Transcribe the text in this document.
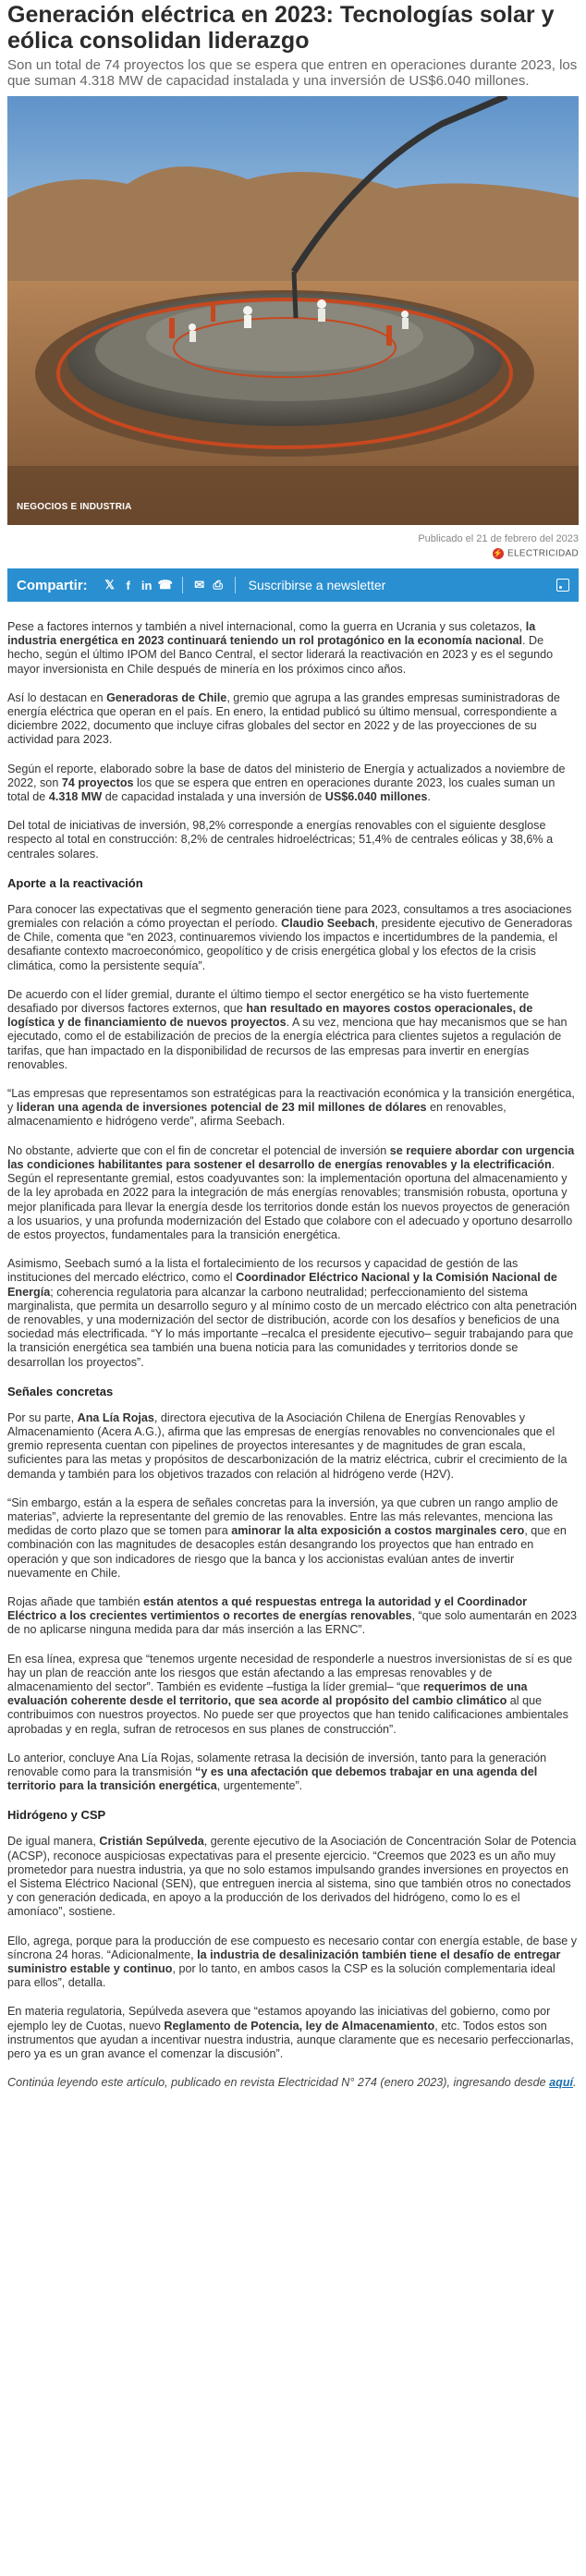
Generación eléctrica en 2023: Tecnologías solar y eólica consolidan liderazgo

Son un total de 74 proyectos los que se espera que entren en operaciones durante 2023, los que suman 4.318 MW de capacidad instalada y una inversión de US$6.040 millones.

NEGOCIOS E INDUSTRIA
Publicado el 21 de febrero del 2023
⚡ ELECTRICIDAD
Compartir:	𝕏 f in ☎	✉ ⎙	Suscribirse a newsletter

Pese a factores internos y también a nivel internacional, como la guerra en Ucrania y sus coletazos, la industria energética en 2023 continuará teniendo un rol protagónico en la economía nacional. De hecho, según el último IPOM del Banco Central, el sector liderará la reactivación en 2023 y es el segundo mayor inversionista en Chile después de minería en los próximos cinco años.

Así lo destacan en Generadoras de Chile, gremio que agrupa a las grandes empresas suministradoras de energía eléctrica que operan en el país. En enero, la entidad publicó su último mensual, correspondiente a diciembre 2022, documento que incluye cifras globales del sector en 2022 y de las proyecciones de su actividad para 2023.

Según el reporte, elaborado sobre la base de datos del ministerio de Energía y actualizados a noviembre de 2022, son 74 proyectos los que se espera que entren en operaciones durante 2023, los cuales suman un total de 4.318 MW de capacidad instalada y una inversión de US$6.040 millones.

Del total de iniciativas de inversión, 98,2% corresponde a energías renovables con el siguiente desglose respecto al total en construcción: 8,2% de centrales hidroeléctricas; 51,4% de centrales eólicas y 38,6% a centrales solares.

Aporte a la reactivación

Para conocer las expectativas que el segmento generación tiene para 2023, consultamos a tres asociaciones gremiales con relación a cómo proyectan el período. Claudio Seebach, presidente ejecutivo de Generadoras de Chile, comenta que “en 2023, continuaremos viviendo los impactos e incertidumbres de la pandemia, el desafiante contexto macroeconómico, geopolítico y de crisis energética global y los efectos de la crisis climática, como la persistente sequía”.

De acuerdo con el líder gremial, durante el último tiempo el sector energético se ha visto fuertemente desafiado por diversos factores externos, que han resultado en mayores costos operacionales, de logística y de financiamiento de nuevos proyectos. A su vez, menciona que hay mecanismos que se han ejecutado, como el de estabilización de precios de la energía eléctrica para clientes sujetos a regulación de tarifas, que han impactado en la disponibilidad de recursos de las empresas para invertir en energías renovables.

“Las empresas que representamos son estratégicas para la reactivación económica y la transición energética, y lideran una agenda de inversiones potencial de 23 mil millones de dólares en renovables, almacenamiento e hidrógeno verde”, afirma Seebach.

No obstante, advierte que con el fin de concretar el potencial de inversión se requiere abordar con urgencia las condiciones habilitantes para sostener el desarrollo de energías renovables y la electrificación. Según el representante gremial, estos coadyuvantes son: la implementación oportuna del almacenamiento y de la ley aprobada en 2022 para la integración de más energías renovables; transmisión robusta, oportuna y mejor planificada para llevar la energía desde los territorios donde están los nuevos proyectos de generación a los usuarios, y una profunda modernización del Estado que colabore con el adecuado y oportuno desarrollo de estos proyectos, fundamentales para la transición energética.

Asimismo, Seebach sumó a la lista el fortalecimiento de los recursos y capacidad de gestión de las instituciones del mercado eléctrico, como el Coordinador Eléctrico Nacional y la Comisión Nacional de Energía; coherencia regulatoria para alcanzar la carbono neutralidad; perfeccionamiento del sistema marginalista, que permita un desarrollo seguro y al mínimo costo de un mercado eléctrico con alta penetración de renovables, y una modernización del sector de distribución, acorde con los desafíos y beneficios de una sociedad más electrificada. “Y lo más importante –recalca el presidente ejecutivo– seguir trabajando para que la transición energética sea también una buena noticia para las comunidades y territorios donde se desarrollan los proyectos”.

Señales concretas

Por su parte, Ana Lía Rojas, directora ejecutiva de la Asociación Chilena de Energías Renovables y Almacenamiento (Acera A.G.), afirma que las empresas de energías renovables no convencionales que el gremio representa cuentan con pipelines de proyectos interesantes y de magnitudes de gran escala, suficientes para las metas y propósitos de descarbonización de la matriz eléctrica, cubrir el crecimiento de la demanda y también para los objetivos trazados con relación al hidrógeno verde (H2V).

“Sin embargo, están a la espera de señales concretas para la inversión, ya que cubren un rango amplio de materias”, advierte la representante del gremio de las renovables. Entre las más relevantes, menciona las medidas de corto plazo que se tomen para aminorar la alta exposición a costos marginales cero, que en combinación con las magnitudes de desacoples están desangrando los proyectos que han entrado en operación y que son indicadores de riesgo que la banca y los accionistas evalúan antes de invertir nuevamente en Chile.

Rojas añade que también están atentos a qué respuestas entrega la autoridad y el Coordinador Eléctrico a los crecientes vertimientos o recortes de energías renovables, “que solo aumentarán en 2023 de no aplicarse ninguna medida para dar más inserción a las ERNC”.

En esa línea, expresa que “tenemos urgente necesidad de responderle a nuestros inversionistas de sí es que hay un plan de reacción ante los riesgos que están afectando a las empresas renovables y de almacenamiento del sector”. También es evidente –fustiga la líder gremial– “que requerimos de una evaluación coherente desde el territorio, que sea acorde al propósito del cambio climático al que contribuimos con nuestros proyectos. No puede ser que proyectos que han tenido calificaciones ambientales aprobadas y en regla, sufran de retrocesos en sus planes de construcción”.

Lo anterior, concluye Ana Lía Rojas, solamente retrasa la decisión de inversión, tanto para la generación renovable como para la transmisión “y es una afectación que debemos trabajar en una agenda del territorio para la transición energética, urgentemente”.

Hidrógeno y CSP

De igual manera, Cristián Sepúlveda, gerente ejecutivo de la Asociación de Concentración Solar de Potencia (ACSP), reconoce auspiciosas expectativas para el presente ejercicio. “Creemos que 2023 es un año muy prometedor para nuestra industria, ya que no solo estamos impulsando grandes inversiones en proyectos en el Sistema Eléctrico Nacional (SEN), que entreguen inercia al sistema, sino que también otros no conectados y con generación dedicada, en apoyo a la producción de los derivados del hidrógeno, como lo es el amoníaco”, sostiene.

Ello, agrega, porque para la producción de ese compuesto es necesario contar con energía estable, de base y síncrona 24 horas. “Adicionalmente, la industria de desalinización también tiene el desafío de entregar suministro estable y continuo, por lo tanto, en ambos casos la CSP es la solución complementaria ideal para ellos”, detalla.

En materia regulatoria, Sepúlveda asevera que “estamos apoyando las iniciativas del gobierno, como por ejemplo ley de Cuotas, nuevo Reglamento de Potencia, ley de Almacenamiento, etc. Todos estos son instrumentos que ayudan a incentivar nuestra industria, aunque claramente que es necesario perfeccionarlas, pero ya es un gran avance el comenzar la discusión”.

Continúa leyendo este artículo, publicado en revista Electricidad N° 274 (enero 2023), ingresando desde aquí.
